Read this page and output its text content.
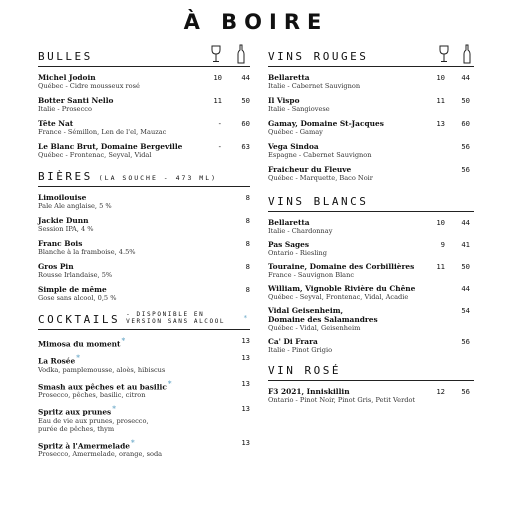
À BOIRE
BULLES
Michel Jodoin
Québec - Cidre mousseux rosé
10	44
Botter Santi Nello
Italie - Prosecco
11	50
Tête Nat
France - Sémillon, Len de l'el, Mauzac
-	60
Le Blanc Brut, Domaine Bergeville
Québec - Frontenac, Seyval, Vidal
-	63
BIÈRES (LA SOUCHE - 473 ML)
Limoilouise
Pale Ale anglaise, 5 %
8
Jackie Dunn
Session IPA, 4 %
8
Franc Bois
Blanche à la framboise, 4.5%
8
Gros Pin
Rousse Irlandaise, 5%
8
Simple de même
Gose sans alcool, 0,5 %
8
COCKTAILS - DISPONIBLE EN VERSION SANS ALCOOL	*
Mimosa du moment*	13
La Rosée*
Vodka, pamplemousse, aloès, hibiscus
13
Smash aux pêches et au basilic*
Prosecco, pêches, basilic, citron
13
Spritz aux prunes*
Eau de vie aux prunes, prosecco,
purée de pêches, thym
13
Spritz à l'Amermelade*
Prosecco, Amermelade, orange, soda
13
VINS ROUGES
Bellaretta
Italie - Cabernet Sauvignon
10	44
Il Vispo
Italie - Sangiovese
11	50
Gamay, Domaine St-Jacques
Québec - Gamay
13	60
Vega Sindoa
Espagne - Cabernet Sauvignon
56
Fraicheur du Fleuve
Québec - Marquette, Baco Noir
56
VINS BLANCS
Bellaretta
Italie - Chardonnay
10	44
Pas Sages
Ontario - Riesling
9	41
Touraine, Domaine des Corbillières
France - Sauvignon Blanc
11	50
William, Vignoble Rivière du Chêne
Québec - Seyval, Frontenac, Vidal, Acadie
44
Vidal Geisenheim,
Domaine des Salamandres
Québec - Vidal, Geisenheim
54
Ca' Di Frara
Italie - Pinot Grigio
56
VIN ROSÉ
F3 2021, Inniskillin
Ontario - Pinot Noir, Pinot Gris, Petit Verdot
12	56
